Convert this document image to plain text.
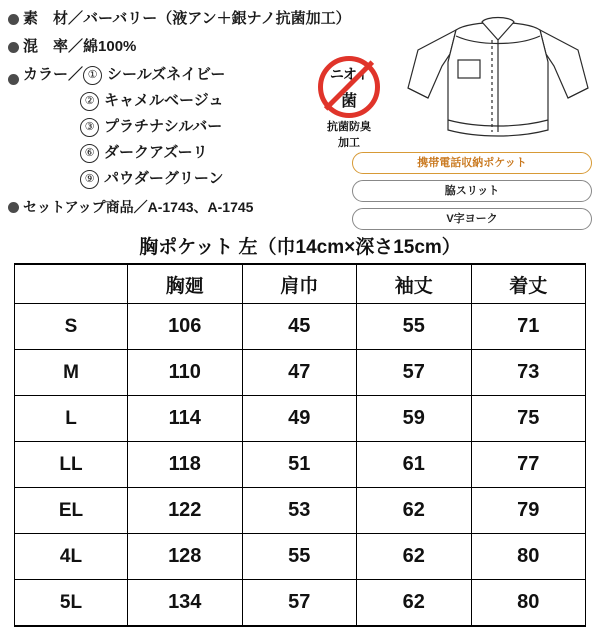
素　材／ バーバリー（液アン＋銀ナノ抗菌加工）
混　率／ 綿100%
カラー／ ① シールズネイビー
② キャメルベージュ
③ プラチナシルバー
⑥ ダークアズーリ
⑨ パウダーグリーン
セットアップ商品／A-1743、A-1745
ニオイ
菌
抗菌防臭
加工
携帯電話収納ポケット
脇スリット
V字ヨーク
胸ポケット 左（巾14cm×深さ15cm）
	胸廻	肩巾	袖丈	着丈
S	106	45	55	71
M	110	47	57	73
L	114	49	59	75
LL	118	51	61	77
EL	122	53	62	79
4L	128	55	62	80
5L	134	57	62	80
